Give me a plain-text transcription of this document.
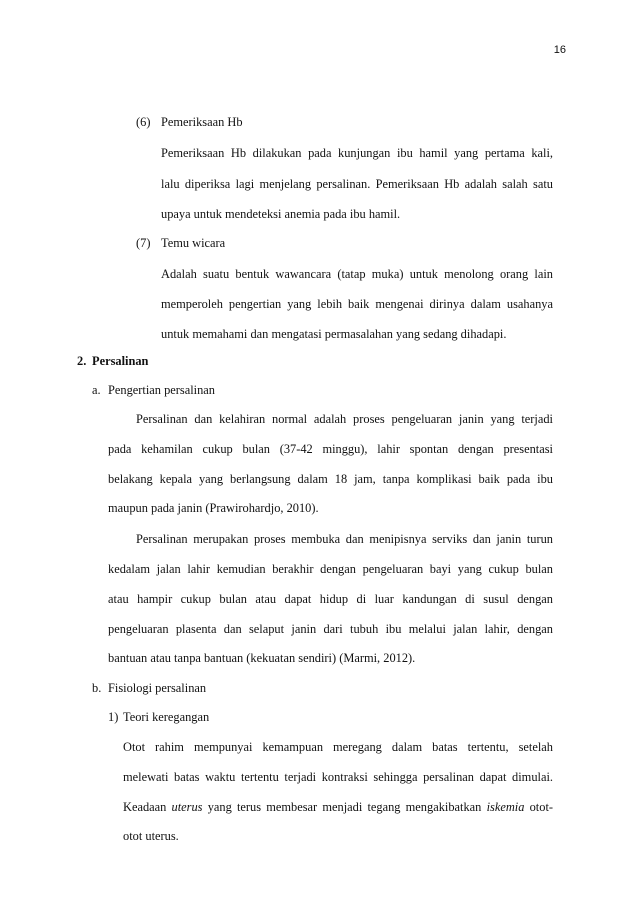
16
(6) Pemeriksaan Hb
Pemeriksaan Hb dilakukan pada kunjungan ibu hamil yang pertama kali,
lalu diperiksa lagi menjelang persalinan. Pemeriksaan Hb adalah salah satu
upaya untuk mendeteksi anemia pada ibu hamil.
(7) Temu wicara
Adalah suatu bentuk wawancara (tatap muka) untuk menolong orang lain
memperoleh pengertian yang lebih baik mengenai dirinya dalam usahanya
untuk memahami dan mengatasi permasalahan yang sedang dihadapi.
2. Persalinan
a. Pengertian persalinan
Persalinan dan kelahiran normal adalah proses pengeluaran janin yang terjadi
pada kehamilan cukup bulan (37-42 minggu), lahir spontan dengan presentasi
belakang kepala yang berlangsung dalam 18 jam, tanpa komplikasi baik pada ibu
maupun pada janin (Prawirohardjo, 2010).
Persalinan merupakan proses membuka dan menipisnya serviks dan janin turun
kedalam jalan lahir kemudian berakhir dengan pengeluaran bayi yang cukup bulan
atau hampir cukup bulan atau dapat hidup di luar kandungan di susul dengan
pengeluaran plasenta dan selaput janin dari tubuh ibu melalui jalan lahir, dengan
bantuan atau tanpa bantuan (kekuatan sendiri) (Marmi, 2012).
b. Fisiologi persalinan
1) Teori keregangan
Otot rahim mempunyai kemampuan meregang dalam batas tertentu, setelah
melewati batas waktu tertentu terjadi kontraksi sehingga persalinan dapat dimulai.
Keadaan uterus yang terus membesar menjadi tegang mengakibatkan iskemia otot-
otot uterus.
